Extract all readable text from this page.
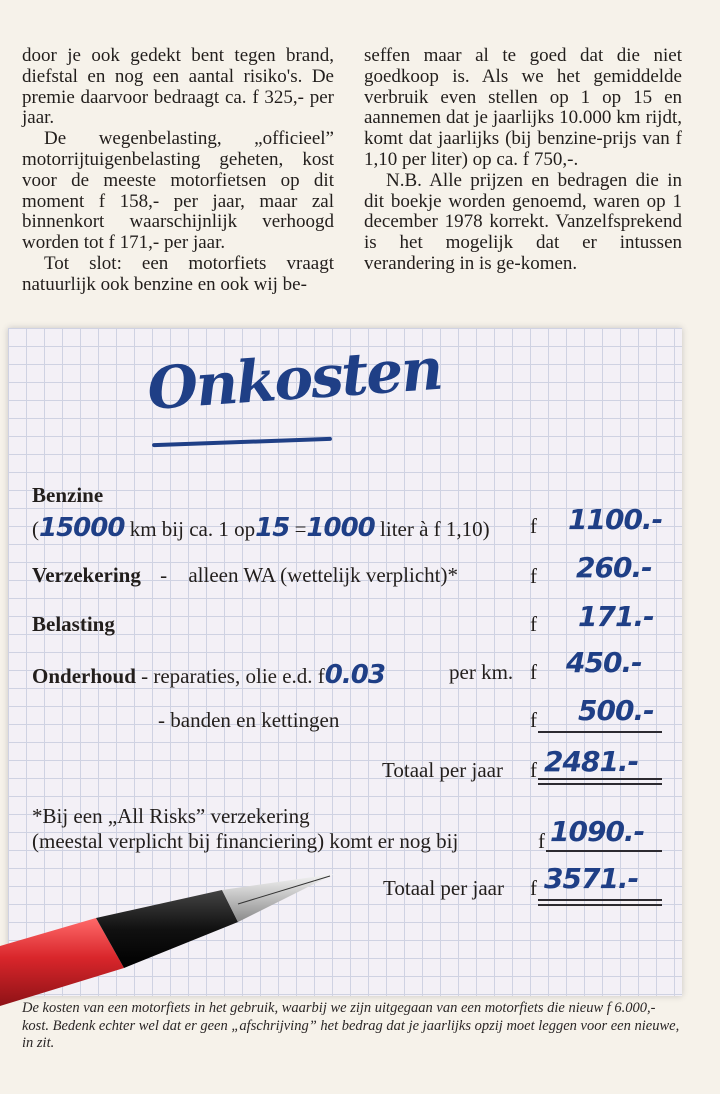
door je ook gedekt bent tegen brand, diefstal en nog een aantal risiko's. De premie daarvoor bedraagt ca. f 325,- per jaar.

De wegenbelasting, „officieel” motorrijtuigenbelasting geheten, kost voor de meeste motorfietsen op dit moment f 158,- per jaar, maar zal binnenkort waarschijnlijk verhoogd worden tot f 171,- per jaar.

Tot slot: een motorfiets vraagt natuurlijk ook benzine en ook wij be-

seffen maar al te goed dat die niet goedkoop is. Als we het gemiddelde verbruik even stellen op 1 op 15 en aannemen dat je jaarlijks 10.000 km rijdt, komt dat jaarlijks (bij benzine-prijs van f 1,10 per liter) op ca. f 750,-.

N.B. Alle prijzen en bedragen die in dit boekje worden genoemd, waren op 1 december 1978 korrekt. Vanzelfsprekend is het mogelijk dat er intussen verandering in is ge-komen.

Onkosten
Benzine
(15000 km bij ca. 1 op15 =1000 liter à f 1,10) f 1100.-
Verzekering - alleen WA (wettelijk verplicht)*	f 260.-
Belasting	f 171.-
Onderhoud - reparaties, olie e.d. f0.03	per km. f 450.-
- banden en kettingen	f 500.-
Totaal per jaar f 2481.-
*Bij een „All Risks” verzekering
(meestal verplicht bij financiering) komt er nog bij	f 1090.-
Totaal per jaar f 3571.-
De kosten van een motorfiets in het gebruik, waarbij we zijn uitgegaan van een motorfiets die nieuw f 6.000,- kost. Bedenk echter wel dat er geen „afschrijving” het bedrag dat je jaarlijks opzij moet leggen voor een nieuwe, in zit.
